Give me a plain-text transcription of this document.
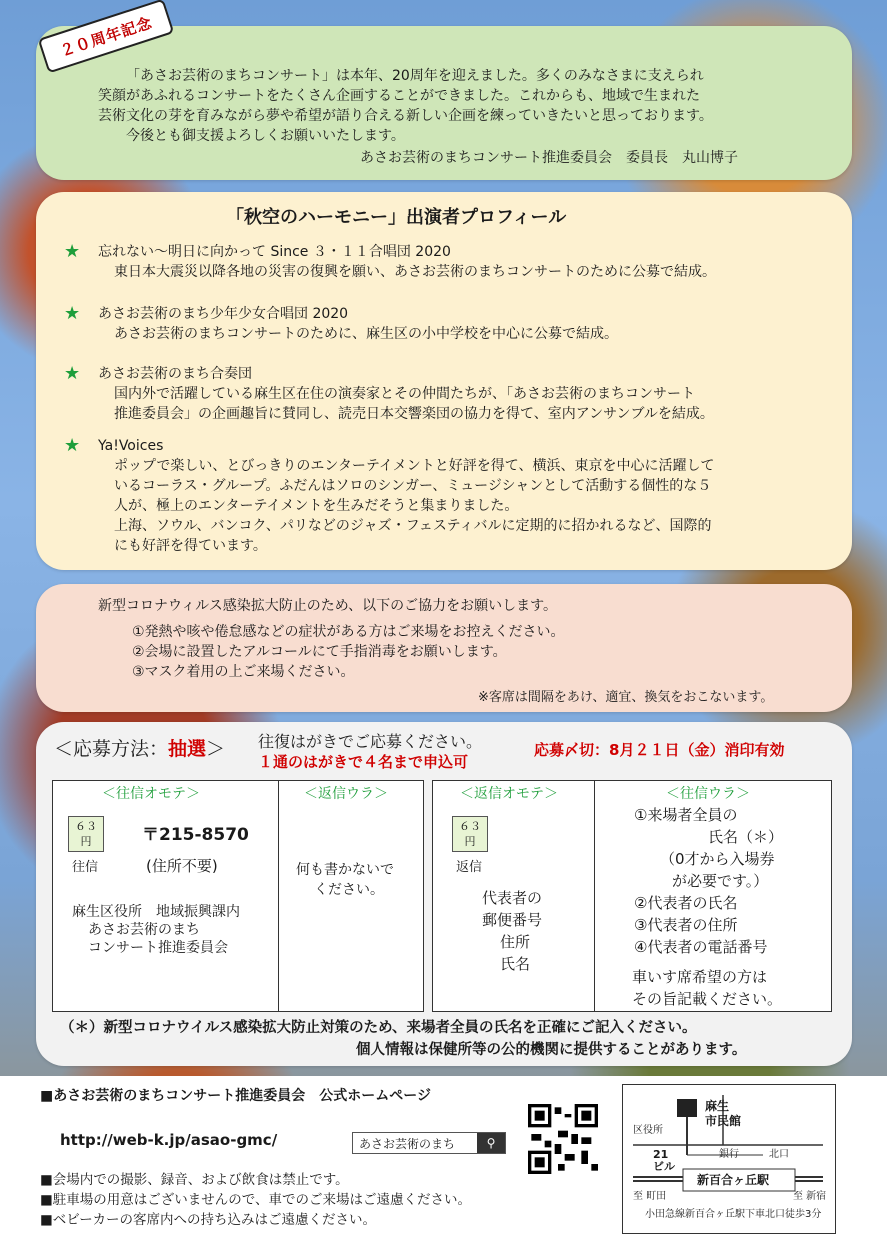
２０周年記念
「あさお芸術のまちコンサート」は本年、20周年を迎えました。多くのみなさまに支えられ
笑顔があふれるコンサートをたくさん企画することができました。これからも、地域で生まれた
芸術文化の芽を育みながら夢や希望が語り合える新しい企画を練っていきたいと思っております。
今後とも御支援よろしくお願いいたします。
あさお芸術のまちコンサート推進委員会　委員長　丸山博子
「秋空のハーモニー」出演者プロフィール
★ 忘れない～明日に向かって Since ３・１１合唱団 2020
東日本大震災以降各地の災害の復興を願い、あさお芸術のまちコンサートのために公募で結成。
★ あさお芸術のまち少年少女合唱団 2020
あさお芸術のまちコンサートのために、麻生区の小中学校を中心に公募で結成。
★ あさお芸術のまち合奏団
国内外で活躍している麻生区在住の演奏家とその仲間たちが、「あさお芸術のまちコンサート
推進委員会」の企画趣旨に賛同し、読売日本交響楽団の協力を得て、室内アンサンブルを結成。
★ Ya!Voices
ポップで楽しい、とびっきりのエンターテイメントと好評を得て、横浜、東京を中心に活躍して
いるコーラス・グループ。ふだんはソロのシンガー、ミュージシャンとして活動する個性的な５
人が、極上のエンターテイメントを生みだそうと集まりました。
上海、ソウル、バンコク、パリなどのジャズ・フェスティバルに定期的に招かれるなど、国際的
にも好評を得ています。
新型コロナウィルス感染拡大防止のため、以下のご協力をお願いします。
①発熱や咳や倦怠感などの症状がある方はご来場をお控えください。
②会場に設置したアルコールにて手指消毒をお願いします。
③マスク着用の上ご来場ください。
※客席は間隔をあけ、適宜、換気をおこないます。
＜応募方法：抽選＞ 往復はがきでご応募ください。
１通のはがきで４名まで申込可
応募〆切：8月２１日（金）消印有効
＜往信オモテ＞
６３
円
往信
〒215-8570
(住所不要)
麻生区役所　地域振興課内
あさお芸術のまち
コンサート推進委員会
＜返信ウラ＞
何も書かないで
ください。
＜返信オモテ＞
６３
円
返信
代表者の
郵便番号
住所
氏名
＜往信ウラ＞
①来場者全員の
氏名（＊）
（0才から入場券
が必要です。）
②代表者の氏名
③代表者の住所
④代表者の電話番号
車いす席希望の方は
その旨記載ください。
（＊）新型コロナウイルス感染拡大防止対策のため、来場者全員の氏名を正確にご記入ください。
個人情報は保健所等の公的機関に提供することがあります。
■あさお芸術のまちコンサート推進委員会　公式ホームページ
http://web-k.jp/asao-gmc/	あさお芸術のまち	⚲
■会場内での撮影、録音、および飲食は禁止です。
■駐車場の用意はございませんので、車でのご来場はご遠慮ください。
■ベビーカーの客席内への持ち込みはご遠慮ください。
麻生
市民館
区役所
21
ビル
銀行	北口
新百合ヶ丘駅
至 町田	至 新宿
小田急線新百合ヶ丘駅下車北口徒歩3分
